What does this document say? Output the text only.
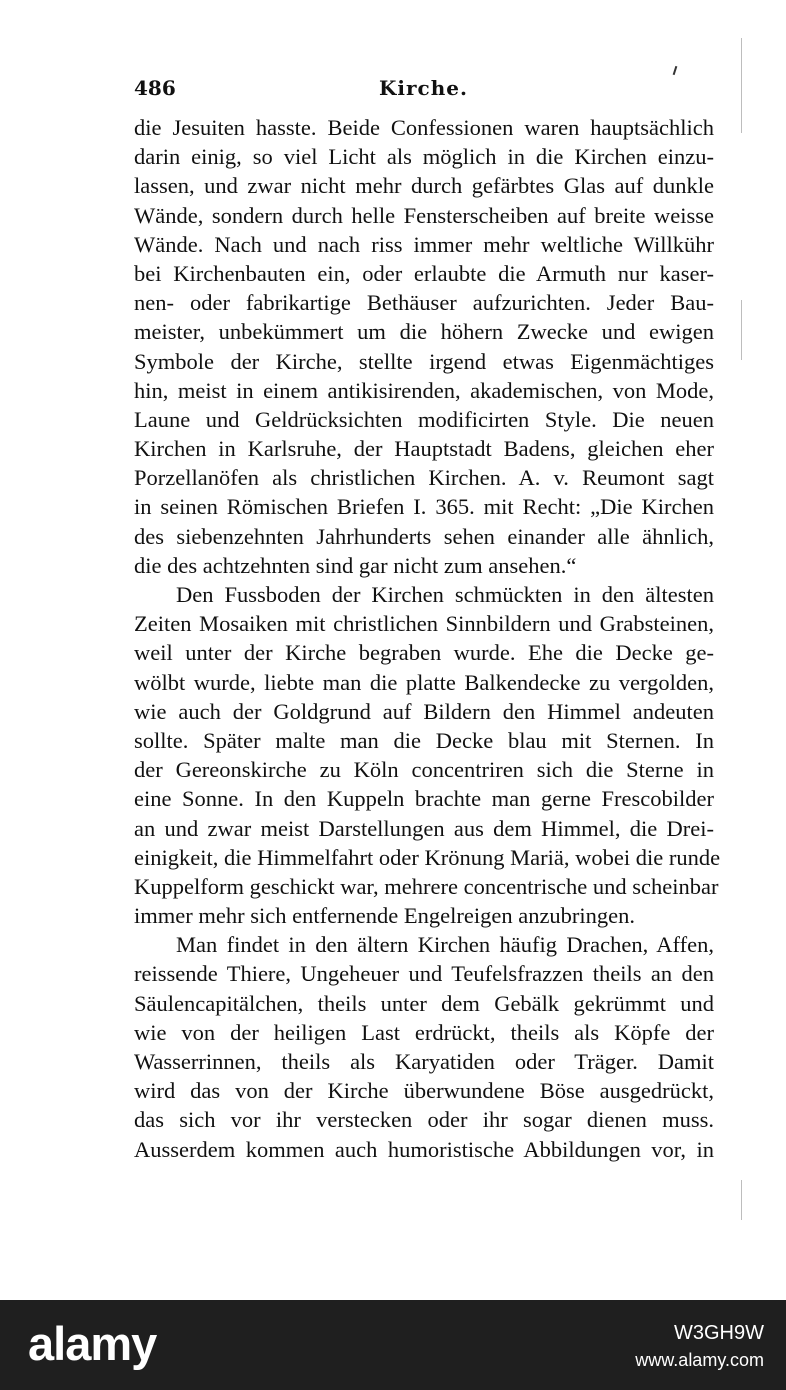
486	Kirche.

die Jesuiten hasste. Beide Confessionen waren hauptsächlich
darin einig, so viel Licht als möglich in die Kirchen einzu-
lassen, und zwar nicht mehr durch gefärbtes Glas auf dunkle
Wände, sondern durch helle Fensterscheiben auf breite weisse
Wände. Nach und nach riss immer mehr weltliche Willkühr
bei Kirchenbauten ein, oder erlaubte die Armuth nur kaser-
nen- oder fabrikartige Bethäuser aufzurichten. Jeder Bau-
meister, unbekümmert um die höhern Zwecke und ewigen
Symbole der Kirche, stellte irgend etwas Eigenmächtiges
hin, meist in einem antikisirenden, akademischen, von Mode,
Laune und Geldrücksichten modificirten Style. Die neuen
Kirchen in Karlsruhe, der Hauptstadt Badens, gleichen eher
Porzellanöfen als christlichen Kirchen. A. v. Reumont sagt
in seinen Römischen Briefen I. 365. mit Recht: „Die Kirchen
des siebenzehnten Jahrhunderts sehen einander alle ähnlich,
die des achtzehnten sind gar nicht zum ansehen.“

Den Fussboden der Kirchen schmückten in den ältesten
Zeiten Mosaiken mit christlichen Sinnbildern und Grabsteinen,
weil unter der Kirche begraben wurde. Ehe die Decke ge-
wölbt wurde, liebte man die platte Balkendecke zu vergolden,
wie auch der Goldgrund auf Bildern den Himmel andeuten
sollte. Später malte man die Decke blau mit Sternen. In
der Gereonskirche zu Köln concentriren sich die Sterne in
eine Sonne. In den Kuppeln brachte man gerne Frescobilder
an und zwar meist Darstellungen aus dem Himmel, die Drei-
einigkeit, die Himmelfahrt oder Krönung Mariä, wobei die runde
Kuppelform geschickt war, mehrere concentrische und scheinbar
immer mehr sich entfernende Engelreigen anzubringen.

Man findet in den ältern Kirchen häufig Drachen, Affen,
reissende Thiere, Ungeheuer und Teufelsfrazzen theils an den
Säulencapitälchen, theils unter dem Gebälk gekrümmt und
wie von der heiligen Last erdrückt, theils als Köpfe der
Wasserrinnen, theils als Karyatiden oder Träger. Damit
wird das von der Kirche überwundene Böse ausgedrückt,
das sich vor ihr verstecken oder ihr sogar dienen muss.
Ausserdem kommen auch humoristische Abbildungen vor, in

alamy	W3GH9W
www.alamy.com
